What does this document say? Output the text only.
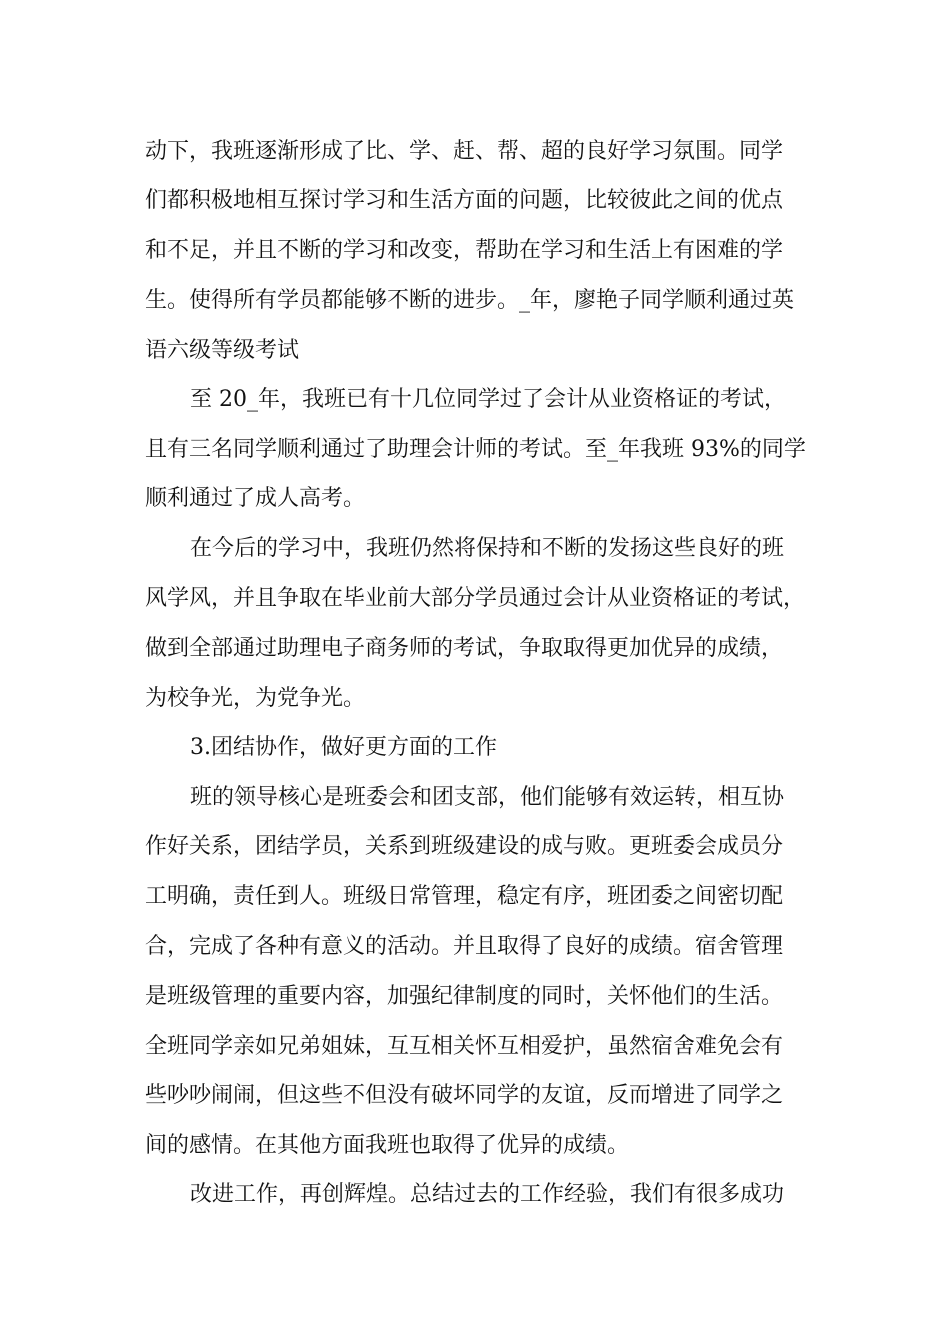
动下，我班逐渐形成了比、学、赶、帮、超的良好学习氛围。同学
们都积极地相互探讨学习和生活方面的问题，比较彼此之间的优点
和不足，并且不断的学习和改变，帮助在学习和生活上有困难的学
生。使得所有学员都能够不断的进步。_年，廖艳子同学顺利通过英
语六级等级考试
至 20_年，我班已有十几位同学过了会计从业资格证的考试，
且有三名同学顺利通过了助理会计师的考试。至_年我班 93%的同学
顺利通过了成人高考。
在今后的学习中，我班仍然将保持和不断的发扬这些良好的班
风学风，并且争取在毕业前大部分学员通过会计从业资格证的考试，
做到全部通过助理电子商务师的考试，争取取得更加优异的成绩，
为校争光，为党争光。
3.团结协作，做好更方面的工作
班的领导核心是班委会和团支部，他们能够有效运转，相互协
作好关系，团结学员，关系到班级建设的成与败。更班委会成员分
工明确，责任到人。班级日常管理，稳定有序，班团委之间密切配
合，完成了各种有意义的活动。并且取得了良好的成绩。宿舍管理
是班级管理的重要内容，加强纪律制度的同时，关怀他们的生活。
全班同学亲如兄弟姐妹，互互相关怀互相爱护，虽然宿舍难免会有
些吵吵闹闹，但这些不但没有破坏同学的友谊，反而增进了同学之
间的感情。在其他方面我班也取得了优异的成绩。
改进工作，再创辉煌。总结过去的工作经验，我们有很多成功
